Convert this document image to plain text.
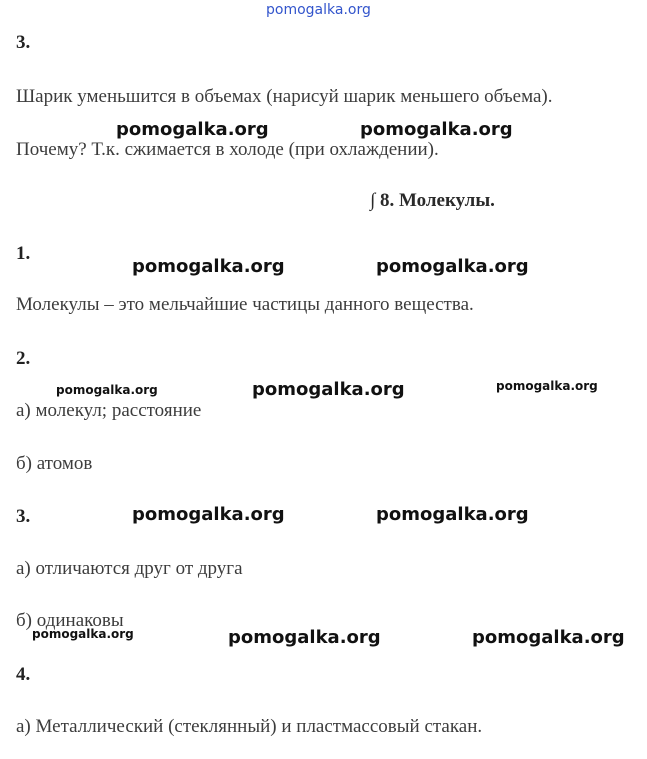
pomogalka.org
3.
Шарик уменьшится в объемах (нарисуй шарик меньшего объема).
Почему? Т.к. сжимается в холоде (при охлаждении).
∫ 8. Молекулы.
1.
Молекулы – это мельчайшие частицы данного вещества.
2.
а) молекул; расстояние
б) атомов
3.
а) отличаются друг от друга
б) одинаковы
4.
а) Металлический (стеклянный) и пластмассовый стакан.
pomogalka.org	pomogalka.org
pomogalka.org	pomogalka.org
pomogalka.org	pomogalka.org	pomogalka.org
pomogalka.org	pomogalka.org
pomogalka.org	pomogalka.org	pomogalka.org
